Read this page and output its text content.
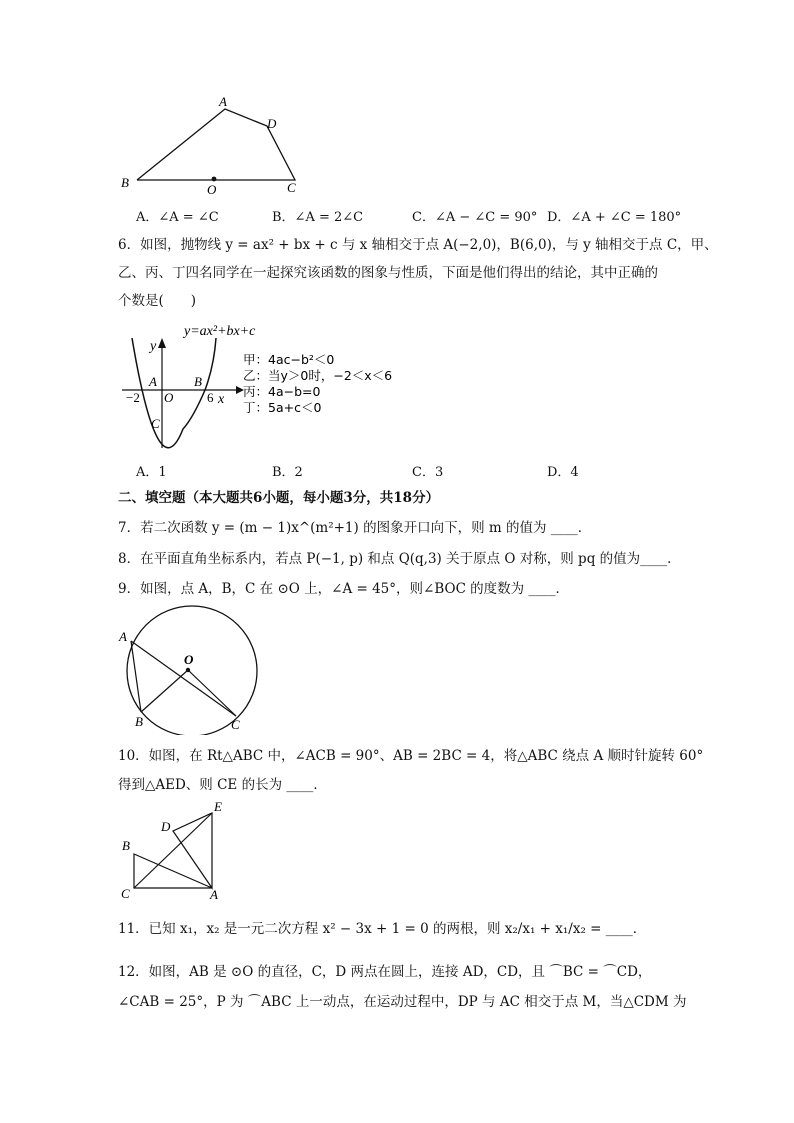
A
D
B	O	C
A．∠A = ∠C	B．∠A = 2∠C	C．∠A − ∠C = 90° D．∠A + ∠C = 180°
6．如图，抛物线 y = ax² + bx + c 与 x 轴相交于点 A(−2,0)，B(6,0)，与 y 轴相交于点 C，甲、
乙、丙、丁四名同学在一起探究该函数的图象与性质，下面是他们得出的结论，其中正确的
个数是(　　)
y=ax²+bx+c
y
x
A	B
O
C
−2	6
甲：4ac−b²＜0
乙：当y＞0时，−2＜x＜6
丙：4a−b=0
丁：5a+c＜0
A．1	B．2	C．3	D．4
二、填空题（本大题共6小题，每小题3分，共18分）
7．若二次函数 y = (m − 1)x^(m²+1) 的图象开口向下，则 m 的值为 ____．
8．在平面直角坐标系内，若点 P(−1, p) 和点 Q(q,3) 关于原点 O 对称，则 pq 的值为____．
9．如图，点 A，B，C 在 ⊙O 上，∠A = 45°，则∠BOC 的度数为 ____．
A
O
B	C
10．如图，在 Rt△ABC 中，∠ACB = 90°、AB = 2BC = 4，将△ABC 绕点 A 顺时针旋转 60°
得到△AED、则 CE 的长为 ____．
E
D
B
C	A
11．已知 x₁，x₂ 是一元二次方程 x² − 3x + 1 = 0 的两根，则 x₂/x₁ + x₁/x₂ = ____．
12．如图，AB 是 ⊙O 的直径，C，D 两点在圆上，连接 AD，CD，且 ⌒BC = ⌒CD，
∠CAB = 25°，P 为 ⌒ABC 上一动点，在运动过程中，DP 与 AC 相交于点 M，当△CDM 为
